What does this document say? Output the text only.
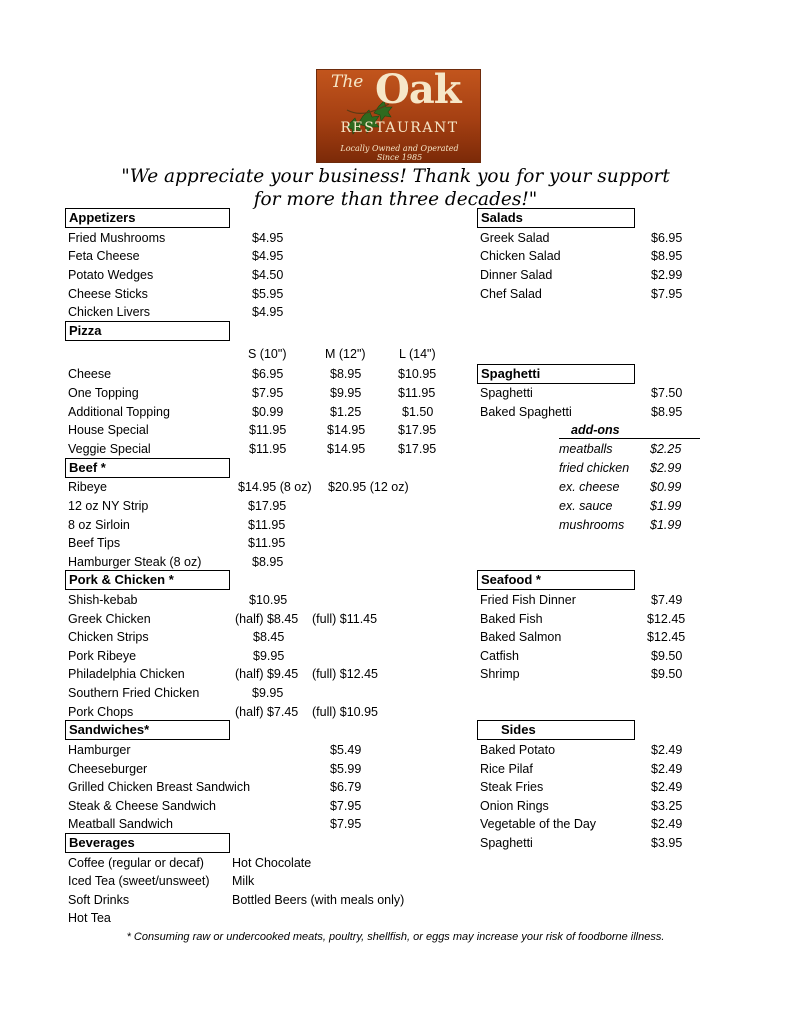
The Oak
RESTAURANT
Locally Owned and Operated
Since 1985
"We appreciate your business! Thank you for your support
for more than three decades!"
Appetizers
Fried Mushrooms	$4.95
Feta Cheese	$4.95
Potato Wedges	$4.50
Cheese Sticks	$5.95
Chicken Livers	$4.95
Pizza
S (10")	M (12")	L (14")
Cheese	$6.95	$8.95	$10.95
One Topping	$7.95	$9.95	$11.95
Additional Topping	$0.99	$1.25	$1.50
House Special	$11.95	$14.95	$17.95
Veggie Special	$11.95	$14.95	$17.95
Beef *
Ribeye	$14.95 (8 oz) $20.95 (12 oz)
12 oz NY Strip	$17.95
8 oz Sirloin	$11.95
Beef Tips	$11.95
Hamburger Steak (8 oz)	$8.95
Pork & Chicken *
Shish-kebab	$10.95
Greek Chicken	(half) $8.45 (full) $11.45
Chicken Strips	$8.45
Pork Ribeye	$9.95
Philadelphia Chicken	(half) $9.45 (full) $12.45
Southern Fried Chicken	$9.95
Pork Chops	(half) $7.45 (full) $10.95
Sandwiches*
Hamburger	$5.49
Cheeseburger	$5.99
Grilled Chicken Breast Sandwich	$6.79
Steak & Cheese Sandwich	$7.95
Meatball Sandwich	$7.95
Beverages
Coffee (regular or decaf) Hot Chocolate
Iced Tea (sweet/unsweet) Milk
Soft Drinks	Bottled Beers (with meals only)
Hot Tea
Salads
Greek Salad	$6.95
Chicken Salad	$8.95
Dinner Salad	$2.99
Chef Salad	$7.95
Spaghetti
Spaghetti	$7.50
Baked Spaghetti	$8.95
add-ons
meatballs	$2.25
fried chicken $2.99
ex. cheese $0.99
ex. sauce	$1.99
mushrooms $1.99
Seafood *
Fried Fish Dinner	$7.49
Baked Fish	$12.45
Baked Salmon	$12.45
Catfish	$9.50
Shrimp	$9.50
Sides
Baked Potato	$2.49
Rice Pilaf	$2.49
Steak Fries	$2.49
Onion Rings	$3.25
Vegetable of the Day	$2.49
Spaghetti	$3.95
* Consuming raw or undercooked meats, poultry, shellfish, or eggs may increase your risk of foodborne illness.
